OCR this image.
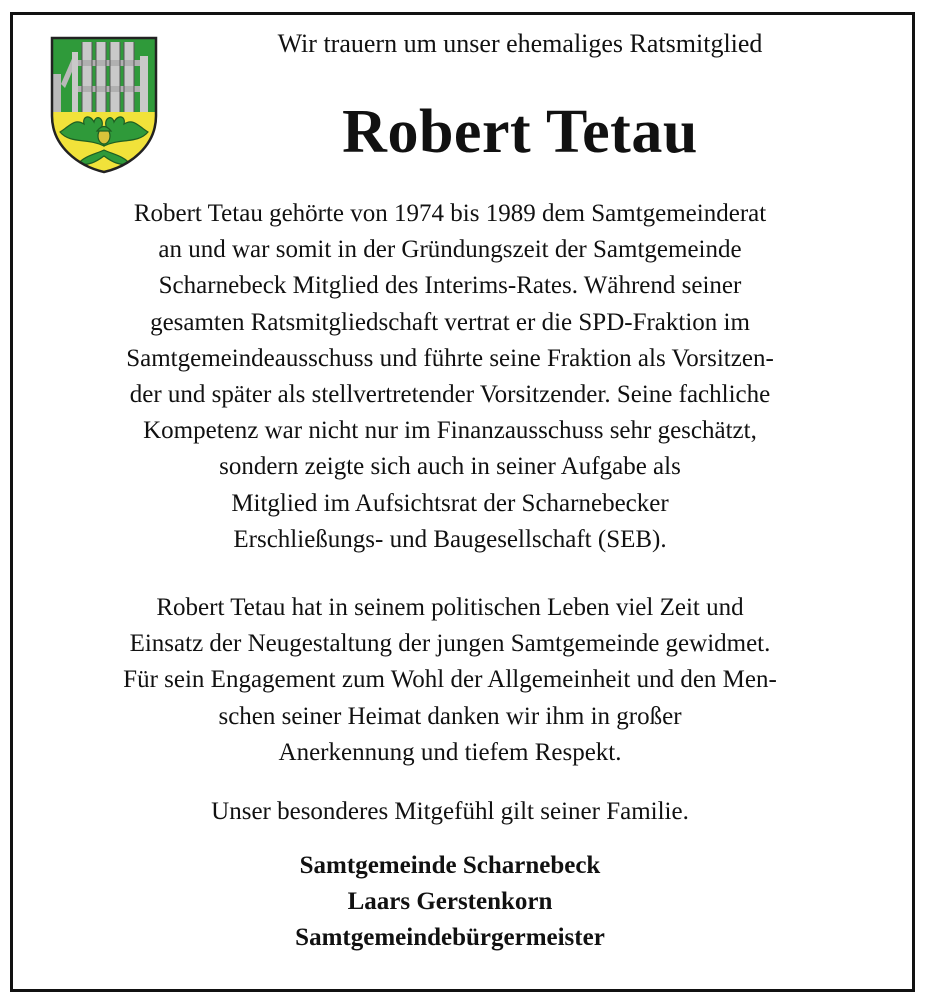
Wir trauern um unser ehemaliges Ratsmitglied
Robert Tetau

Robert Tetau gehörte von 1974 bis 1989 dem Samtgemeinderat
an und war somit in der Gründungszeit der Samtgemeinde
Scharnebeck Mitglied des Interims-Rates. Während seiner
gesamten Ratsmitgliedschaft vertrat er die SPD-Fraktion im
Samtgemeindeausschuss und führte seine Fraktion als Vorsitzen-
der und später als stellvertretender Vorsitzender. Seine fachliche
Kompetenz war nicht nur im Finanzausschuss sehr geschätzt,
sondern zeigte sich auch in seiner Aufgabe als
Mitglied im Aufsichtsrat der Scharnebecker
Erschließungs- und Baugesellschaft (SEB).

Robert Tetau hat in seinem politischen Leben viel Zeit und
Einsatz der Neugestaltung der jungen Samtgemeinde gewidmet.
Für sein Engagement zum Wohl der Allgemeinheit und den Men-
schen seiner Heimat danken wir ihm in großer
Anerkennung und tiefem Respekt.

Unser besonderes Mitgefühl gilt seiner Familie.

Samtgemeinde Scharnebeck
Laars Gerstenkorn
Samtgemeindebürgermeister
